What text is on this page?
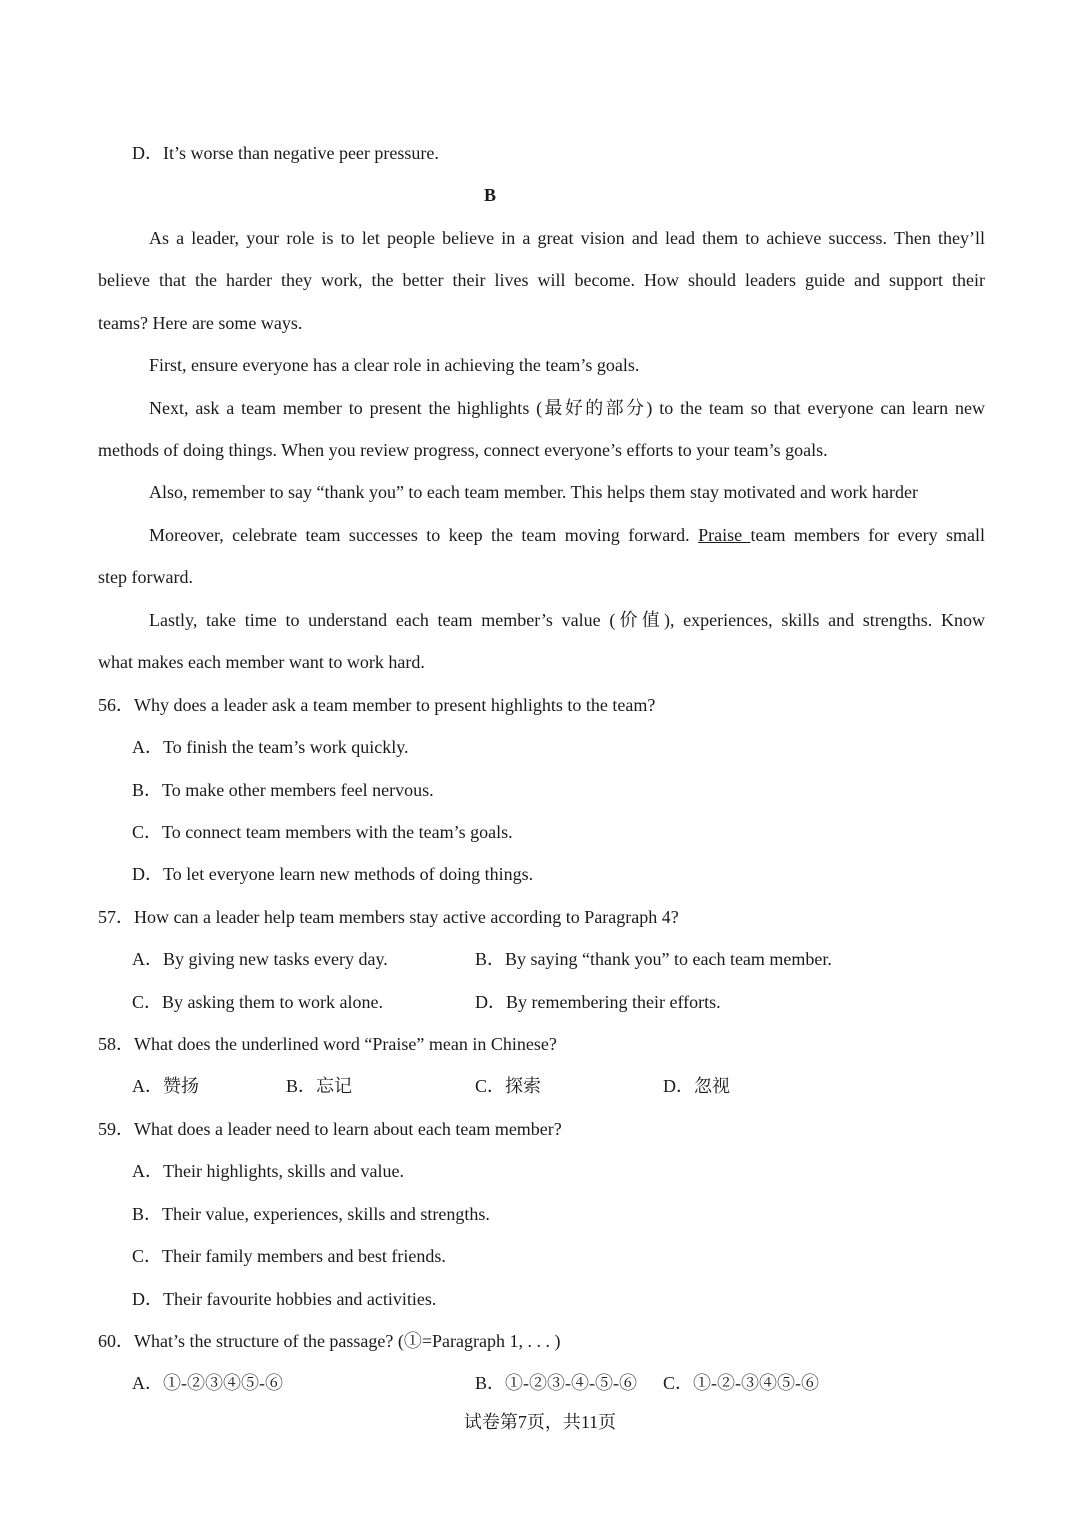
D．It’s worse than negative peer pressure.
B
As a leader, your role is to let people believe in a great vision and lead them to achieve success. Then they’ll
believe that the harder they work, the better their lives will become. How should leaders guide and support their
teams? Here are some ways.
First, ensure everyone has a clear role in achieving the team’s goals.
Next, ask a team member to present the highlights (最好的部分) to the team so that everyone can learn new
methods of doing things. When you review progress, connect everyone’s efforts to your team’s goals.
Also, remember to say “thank you” to each team member. This helps them stay motivated and work harder
Moreover, celebrate team successes to keep the team moving forward. Praise team members for every small
step forward.
Lastly, take time to understand each team member’s value (价值), experiences, skills and strengths. Know
what makes each member want to work hard.
56．Why does a leader ask a team member to present highlights to the team?
A．To finish the team’s work quickly.
B．To make other members feel nervous.
C．To connect team members with the team’s goals.
D．To let everyone learn new methods of doing things.
57．How can a leader help team members stay active according to Paragraph 4?
A．By giving new tasks every day.	B．By saying “thank you” to each team member.
C．By asking them to work alone.	D．By remembering their efforts.
58．What does the underlined word “Praise” mean in Chinese?
A．赞扬	B．忘记	C．探索	D．忽视
59．What does a leader need to learn about each team member?
A．Their highlights, skills and value.
B．Their value, experiences, skills and strengths.
C．Their family members and best friends.
D．Their favourite hobbies and activities.
60．What’s the structure of the passage? (①=Paragraph 1, . . . )
A．①-②③④⑤-⑥	B．①-②③-④-⑤-⑥ C．①-②-③④⑤-⑥
试卷第7页，共11页
